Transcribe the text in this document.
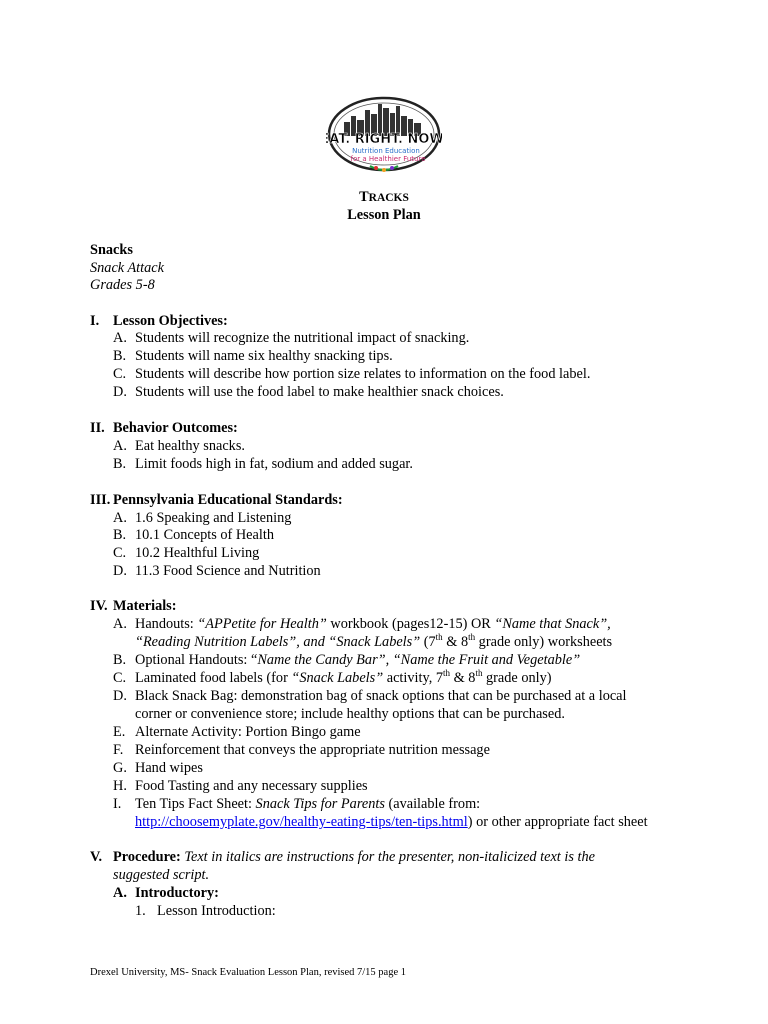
EAT. RIGHT. NOW.
Nutrition Education
for a Healthier Future
TRACKS
Lesson Plan
Snacks
Snack Attack
Grades 5-8
I. Lesson Objectives:
A. Students will recognize the nutritional impact of snacking.
B. Students will name six healthy snacking tips.
C. Students will describe how portion size relates to information on the food label.
D. Students will use the food label to make healthier snack choices.
II. Behavior Outcomes:
A. Eat healthy snacks.
B. Limit foods high in fat, sodium and added sugar.
III. Pennsylvania Educational Standards:
A. 1.6 Speaking and Listening
B. 10.1 Concepts of Health
C. 10.2 Healthful Living
D. 11.3 Food Science and Nutrition
IV. Materials:
A. Handouts: “APPetite for Health” workbook (pages12-15) OR “Name that Snack”,
“Reading Nutrition Labels”, and “Snack Labels” (7th & 8th grade only) worksheets
B. Optional Handouts: “Name the Candy Bar”, “Name the Fruit and Vegetable”
C. Laminated food labels (for “Snack Labels” activity, 7th & 8th grade only)
D. Black Snack Bag: demonstration bag of snack options that can be purchased at a local
corner or convenience store; include healthy options that can be purchased.
E. Alternate Activity: Portion Bingo game
F. Reinforcement that conveys the appropriate nutrition message
G. Hand wipes
H. Food Tasting and any necessary supplies
I. Ten Tips Fact Sheet: Snack Tips for Parents (available from:
http://choosemyplate.gov/healthy-eating-tips/ten-tips.html) or other appropriate fact sheet
V. Procedure: Text in italics are instructions for the presenter, non-italicized text is the
suggested script.
A. Introductory:
1. Lesson Introduction:
Drexel University, MS- Snack Evaluation Lesson Plan, revised 7/15 page 1
